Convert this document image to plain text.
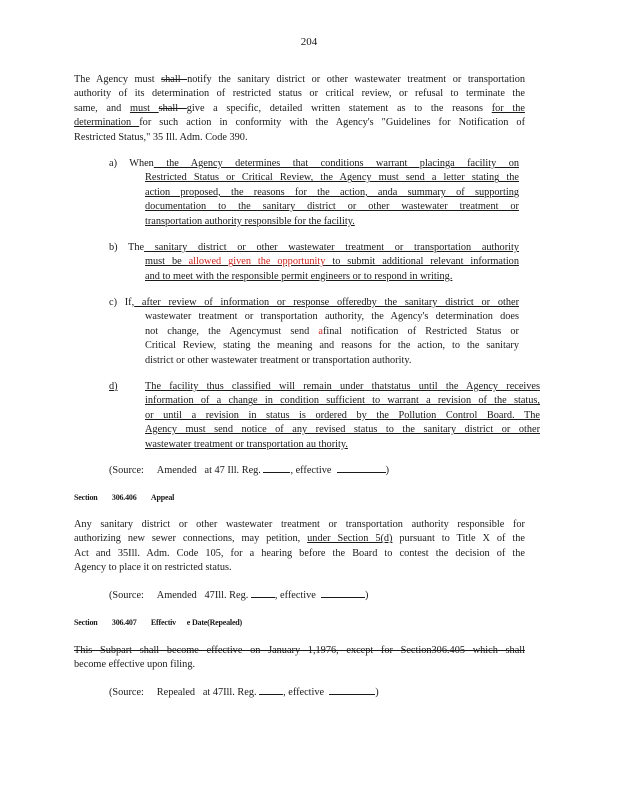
204
The Agency must shall notify the sanitary district or other wastewater treatment or transportation
authority of its determination of restricted status or critical review, or refusal to terminate the
same, and must shall give a specific, detailed written statement as to the reasons for the
determination for such action in conformity with the Agency's "Guidelines for Notification of
Restricted Status," 35 Ill. Adm. Code 390.
a) When the Agency determines that conditions warrant placinga facility on
Restricted Status or Critical Review, the Agency must send a letter stating the
action proposed, the reasons for the action, anda summary of supporting
documentation to the sanitary district or other wastewater treatment or
transportation authority responsible for the facility.
b) The sanitary district or other wastewater treatment or transportation authority
must be allowed given the opportunity to submit additional relevant information
and to meet with the responsible permit engineers or to respond in writing.
c) If, after review of information or response offeredby the sanitary district or other
wastewater treatment or transportation authority, the Agency's determination does
not change, the Agencymust send afinal notification of Restricted Status or
Critical Review, stating the meaning and reasons for the action, to the sanitary
district or other wastewater treatment or transportation authority.
d)	The facility thus classified will remain under thatstatus until the Agency receives
information of a change in condition sufficient to warrant a revision of the status,
or until a revision in status is ordered by the Pollution Control Board. The
Agency must send notice of any revised status to the sanitary district or other
wastewater treatment or transportation au thority.
(Source: Amended at 47 Ill. Reg.	, effective	)
Section 306.406 Appeal
Any sanitary district or other wastewater treatment or transportation authority responsible for
authorizing new sewer connections, may petition, under Section 5(d) pursuant to Title X of the
Act and 35Ill. Adm. Code 105, for a hearing before the Board to contest the decision of the
Agency to place it on restricted status.
(Source: Amended 47Ill. Reg.	, effective	)
Section 306.407 Effectiv e Date(Repealed)
This Subpart shall become effective on January 1,1976, except for Section306.405 which shall
become effective upon filing.
(Source: Repealed at 47Ill. Reg.	, effective	)
